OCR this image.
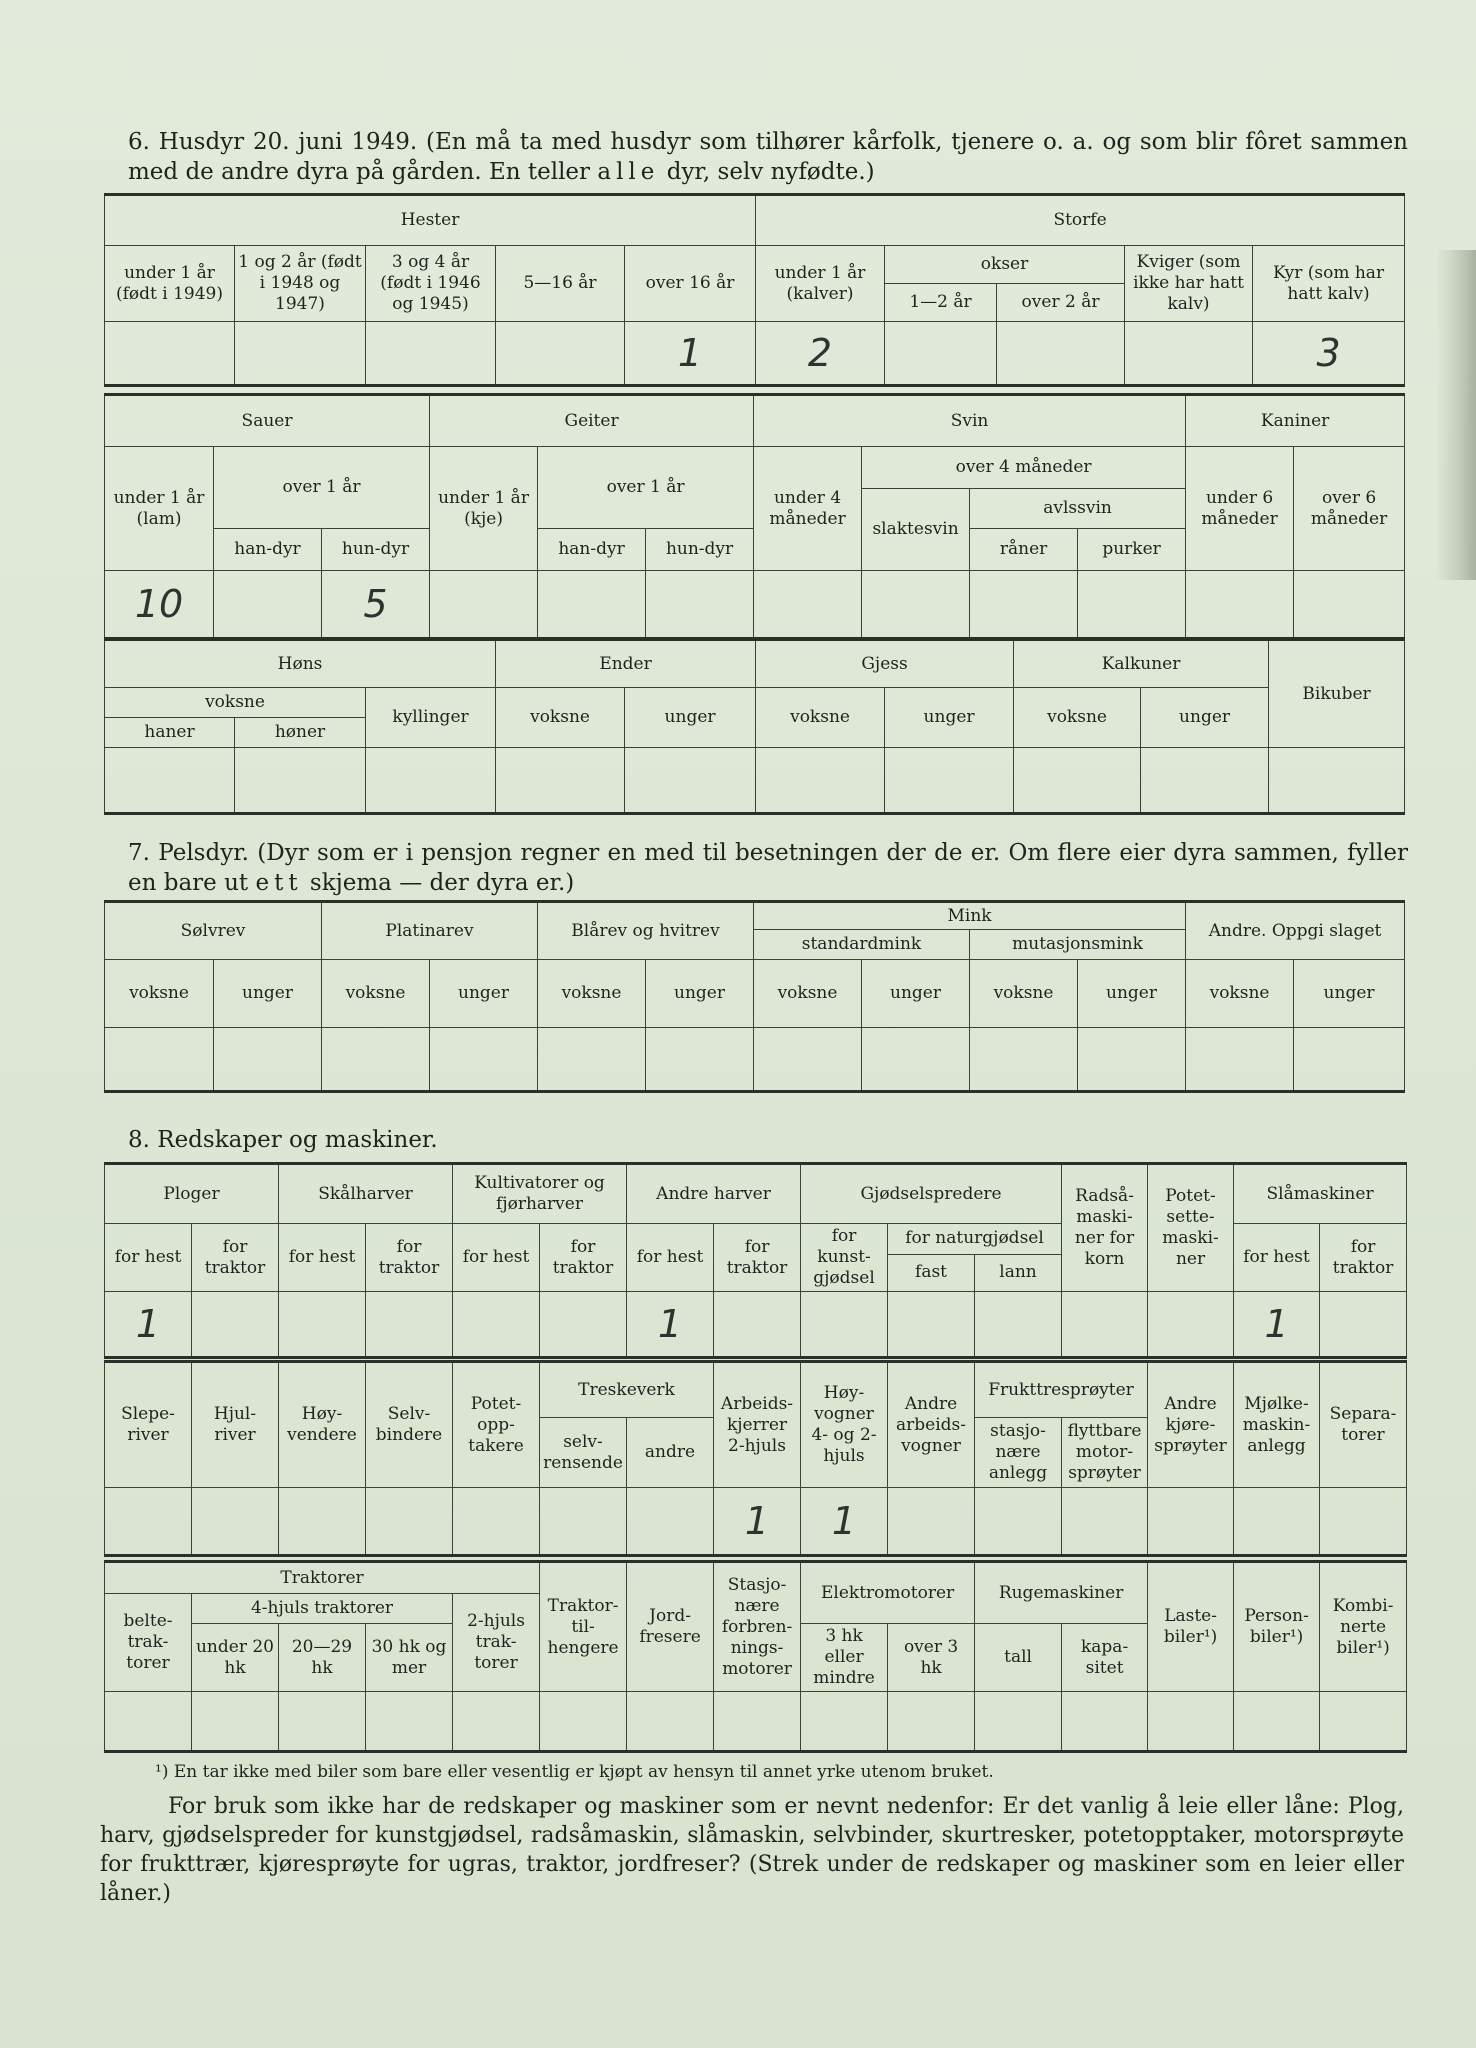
6. Husdyr 20. juni 1949. (En må ta med husdyr som tilhører kårfolk, tjenere o. a. og som blir fôret sammen med de andre dyra på gården. En teller alle dyr, selv nyfødte.)
Hester					Storfe				
under 1 år (født i 1949)	1 og 2 år (født i 1948 og 1947)	3 og 4 år (født i 1946 og 1945)	5—16 år	over 16 år	under 1 år (kalver)	okser		Kviger (som ikke har hatt kalv)	Kyr (som har hatt kalv)
						1—2 år	over 2 år		
				1	2				3
Sauer			Geiter			Svin				Kaniner	
under 1 år (lam)	over 1 år		under 1 år (kje)	over 1 år		under 4 måneder	over 4 måneder			under 6 måneder	over 6 måneder
							slaktesvin	avlssvin			
	han-dyr	hun-dyr		han-dyr	hun-dyr			råner	purker		
10		5									
Høns			Ender		Gjess		Kalkuner		Bikuber
voksne		kyllinger	voksne	unger	voksne	unger	voksne	unger	
haner	høner								

7. Pelsdyr. (Dyr som er i pensjon regner en med til besetningen der de er. Om flere eier dyra sammen, fyller en bare ut ett skjema — der dyra er.)
Sølvrev		Platinarev		Blårev og hvitrev		Mink				Andre. Oppgi slaget	
						standardmink		mutasjonsmink			
voksne	unger	voksne	unger	voksne	unger	voksne	unger	voksne	unger	voksne	unger

8. Redskaper og maskiner.
Ploger		Skålharver		Kultivatorer og fjørharver		Andre harver		Gjødselspredere			Radså-maski-ner for korn	Potet-sette-maski-ner	Slåmaskiner	
for hest	for traktor	for hest	for traktor	for hest	for traktor	for hest	for traktor	for kunst-gjødsel	for naturgjødsel				for hest	for traktor
									fast	lann				
1						1							1	
Slepe-river	Hjul-river	Høy-vendere	Selv-bindere	Potet-opp-takere	Treskeverk		Arbeids-kjerrer 2-hjuls	Høy-vogner 4- og 2-hjuls	Andre arbeids-vogner	Frukttresprøyter		Andre kjøre-sprøyter	Mjølke-maskin-anlegg	Separa-torer
					selv-rensende	andre				stasjo-nære anlegg	flyttbare motor-sprøyter			
							1	1						
Traktorer					Traktor-til-hengere	Jord-fresere	Stasjo-nære forbren-nings-motorer	Elektromotorer		Rugemaskiner		Laste-biler¹)	Person-biler¹)	Kombi-nerte biler¹)
belte-trak-torer	4-hjuls traktorer			2-hjuls trak-torer										
	under 20 hk	20—29 hk	30 hk og mer					3 hk eller mindre	over 3 hk	tall	kapa-sitet			

¹) En tar ikke med biler som bare eller vesentlig er kjøpt av hensyn til annet yrke utenom bruket.
For bruk som ikke har de redskaper og maskiner som er nevnt nedenfor: Er det vanlig å leie eller låne: Plog, harv, gjødselspreder for kunstgjødsel, radsåmaskin, slåmaskin, selvbinder, skurtresker, potetopptaker, motorsprøyte for frukttrær, kjøresprøyte for ugras, traktor, jordfreser? (Strek under de redskaper og maskiner som en leier eller låner.)
